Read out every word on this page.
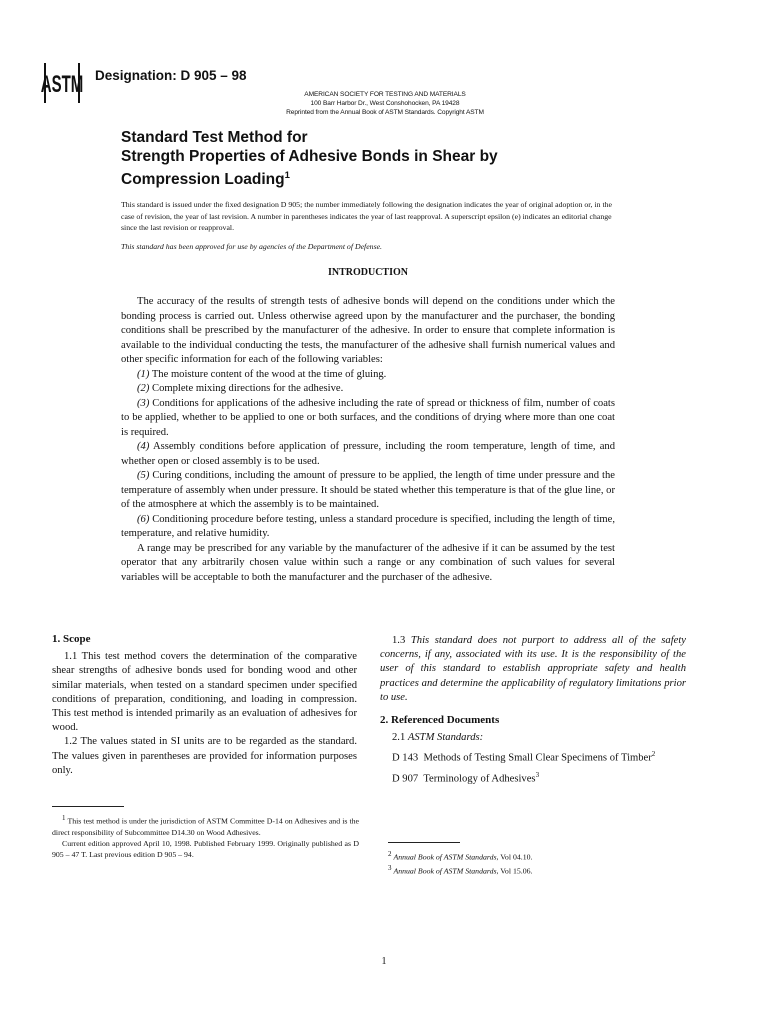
ASTM Designation: D 905 – 98
AMERICAN SOCIETY FOR TESTING AND MATERIALS
100 Barr Harbor Dr., West Conshohocken, PA 19428
Reprinted from the Annual Book of ASTM Standards. Copyright ASTM
Standard Test Method for
Strength Properties of Adhesive Bonds in Shear by
Compression Loading$^1$
This standard is issued under the fixed designation D 905; the number immediately following the designation indicates the year of original adoption or, in the case of revision, the year of last revision. A number in parentheses indicates the year of last reapproval. A superscript epsilon (e) indicates an editorial change since the last revision or reapproval.
This standard has been approved for use by agencies of the Department of Defense.
INTRODUCTION

The accuracy of the results of strength tests of adhesive bonds will depend on the conditions under which the bonding process is carried out. Unless otherwise agreed upon by the manufacturer and the purchaser, the bonding conditions shall be prescribed by the manufacturer of the adhesive. In order to ensure that complete information is available to the individual conducting the tests, the manufacturer of the adhesive shall furnish numerical values and other specific information for each of the following variables:

(1) The moisture content of the wood at the time of gluing.

(2) Complete mixing directions for the adhesive.

(3) Conditions for applications of the adhesive including the rate of spread or thickness of film, number of coats to be applied, whether to be applied to one or both surfaces, and the conditions of drying where more than one coat is required.

(4) Assembly conditions before application of pressure, including the room temperature, length of time, and whether open or closed assembly is to be used.

(5) Curing conditions, including the amount of pressure to be applied, the length of time under pressure and the temperature of assembly when under pressure. It should be stated whether this temperature is that of the glue line, or of the atmosphere at which the assembly is to be maintained.

(6) Conditioning procedure before testing, unless a standard procedure is specified, including the length of time, temperature, and relative humidity.

A range may be prescribed for any variable by the manufacturer of the adhesive if it can be assumed by the test operator that any arbitrarily chosen value within such a range or any combination of such values for several variables will be acceptable to both the manufacturer and the purchaser of the adhesive.

1. Scope

1.1 This test method covers the determination of the comparative shear strengths of adhesive bonds used for bonding wood and other similar materials, when tested on a standard specimen under specified conditions of preparation, conditioning, and loading in compression. This test method is intended primarily as an evaluation of adhesives for wood.

1.2 The values stated in SI units are to be regarded as the standard. The values given in parentheses are provided for information purposes only.

1.3 This standard does not purport to address all of the safety concerns, if any, associated with its use. It is the responsibility of the user of this standard to establish appropriate safety and health practices and determine the applicability of regulatory limitations prior to use.

2. Referenced Documents

2.1 ASTM Standards:

D 143 Methods of Testing Small Clear Specimens of Timber$^2$

D 907 Terminology of Adhesives$^3$

$^1$ This test method is under the jurisdiction of ASTM Committee D-14 on Adhesives and is the direct responsibility of Subcommittee D14.30 on Wood Adhesives.

Current edition approved April 10, 1998. Published February 1999. Originally published as D 905 – 47 T. Last previous edition D 905 – 94.	$^2$ Annual Book of ASTM Standards, Vol 04.10.

$^3$ Annual Book of ASTM Standards, Vol 15.06.

1
